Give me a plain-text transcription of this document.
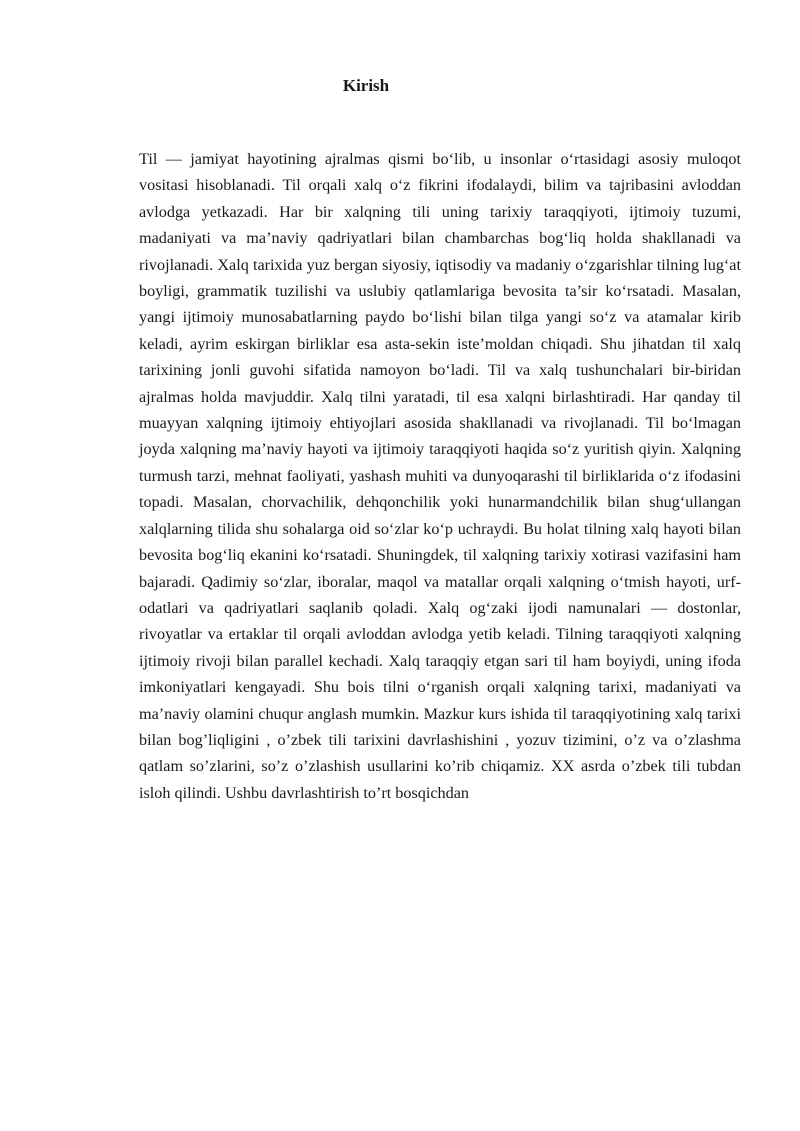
Kirish

Til — jamiyat hayotining ajralmas qismi bo‘lib, u insonlar o‘rtasidagi asosiy muloqot vositasi hisoblanadi. Til orqali xalq o‘z fikrini ifodalaydi, bilim va tajribasini avloddan avlodga yetkazadi. Har bir xalqning tili uning tarixiy taraqqiyoti, ijtimoiy tuzumi, madaniyati va ma’naviy qadriyatlari bilan chambarchas bog‘liq holda shakllanadi va rivojlanadi. Xalq tarixida yuz bergan siyosiy, iqtisodiy va madaniy o‘zgarishlar tilning lug‘at boyligi, grammatik tuzilishi va uslubiy qatlamlariga bevosita ta’sir ko‘rsatadi. Masalan, yangi ijtimoiy munosabatlarning paydo bo‘lishi bilan tilga yangi so‘z va atamalar kirib keladi, ayrim eskirgan birliklar esa asta-sekin iste’moldan chiqadi. Shu jihatdan til xalq tarixining jonli guvohi sifatida namoyon bo‘ladi. Til va xalq tushunchalari bir-biridan ajralmas holda mavjuddir. Xalq tilni yaratadi, til esa xalqni birlashtiradi. Har qanday til muayyan xalqning ijtimoiy ehtiyojlari asosida shakllanadi va rivojlanadi. Til bo‘lmagan joyda xalqning ma’naviy hayoti va ijtimoiy taraqqiyoti haqida so‘z yuritish qiyin. Xalqning turmush tarzi, mehnat faoliyati, yashash muhiti va dunyoqarashi til birliklarida o‘z ifodasini topadi. Masalan, chorvachilik, dehqonchilik yoki hunarmandchilik bilan shug‘ullangan xalqlarning tilida shu sohalarga oid so‘zlar ko‘p uchraydi. Bu holat tilning xalq hayoti bilan bevosita bog‘liq ekanini ko‘rsatadi. Shuningdek, til xalqning tarixiy xotirasi vazifasini ham bajaradi. Qadimiy so‘zlar, iboralar, maqol va matallar orqali xalqning o‘tmish hayoti, urf-odatlari va qadriyatlari saqlanib qoladi. Xalq og‘zaki ijodi namunalari — dostonlar, rivoyatlar va ertaklar til orqali avloddan avlodga yetib keladi. Tilning taraqqiyoti xalqning ijtimoiy rivoji bilan parallel kechadi. Xalq taraqqiy etgan sari til ham boyiydi, uning ifoda imkoniyatlari kengayadi. Shu bois tilni o‘rganish orqali xalqning tarixi, madaniyati va ma’naviy olamini chuqur anglash mumkin. Mazkur kurs ishida til taraqqiyotining xalq tarixi bilan bog’liqligini , o’zbek tili tarixini davrlashishini , yozuv tizimini, o’z va o’zlashma qatlam so’zlarini, so’z o’zlashish usullarini ko’rib chiqamiz. XX asrda o’zbek tili tubdan isloh qilindi. Ushbu davrlashtirish to’rt bosqichdan
